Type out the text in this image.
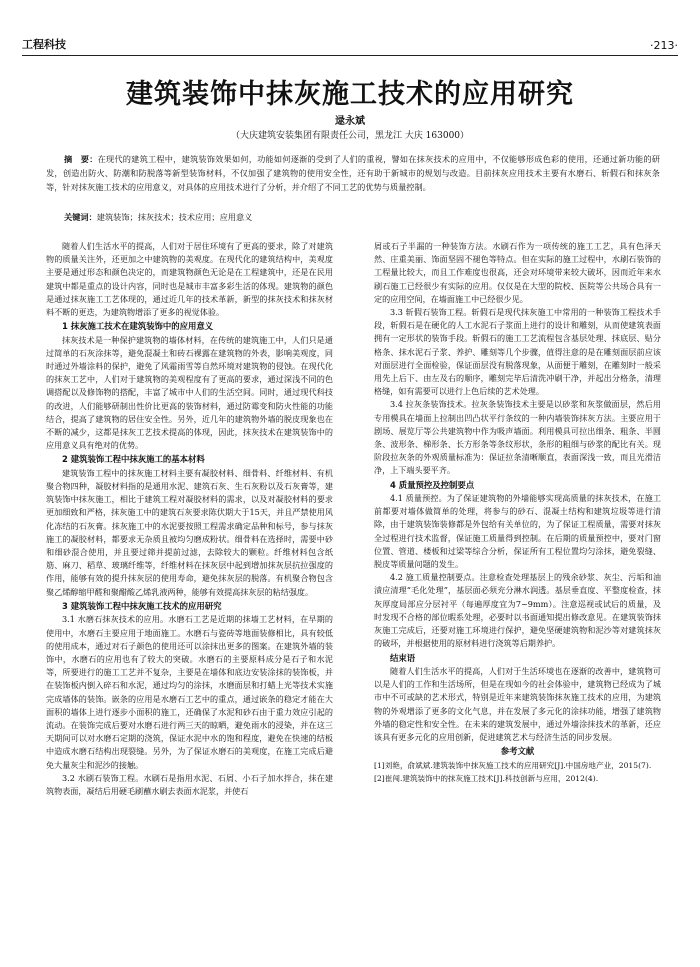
工程科技	·213·
建筑装饰中抹灰施工技术的应用研究
逯永斌
（大庆建筑安装集团有限责任公司，黑龙江 大庆 163000）
摘　要：在现代的建筑工程中，建筑装饰效果如何，功能如何逐渐的受到了人们的重视，譬如在抹灰技术的应用中，不仅能够形成色彩的使用，还通过新功能的研发，创造出防火、防潮和防脱落等新型装饰材料，不仅加强了建筑物的使用安全性，还有助于新城市的规划与改造。目前抹灰应用技术主要有水磨石、斩假石和抹灰条等，针对抹灰施工技术的应用意义，对具体的应用技术进行了分析，并介绍了不同工艺的优势与质量控制。
关键词：建筑装饰；抹灰技术；技术应用；应用意义

随着人们生活水平的提高，人们对于居住环境有了更高的要求，除了对建筑物的质量关注外，还更加之中建筑物的美观度。在现代化的建筑结构中，美观度主要是通过形态和颜色决定的，而建筑物颜色无论是在工程建筑中，还是在民用建筑中都是重点的设计内容，同时也是城市丰富多彩生活的体现。建筑物的颜色是通过抹灰施工工艺体现的，通过近几年的技术革新，新型的抹灰技术和抹灰材料不断的更迭，为建筑物增添了更多的视觉体验。

1 抹灰施工技术在建筑装饰中的应用意义

抹灰技术是一种保护建筑物的墙体材料，在传统的建筑施工中，人们只是通过简单的石灰涂抹等，避免混凝土和砖石裸露在建筑物的外表，影响美观度，同时通过外墙涂料的保护，避免了风霜雨雪等自然环境对建筑物的侵蚀。在现代化的抹灰工艺中，人们对于建筑物的美观程度有了更高的要求，通过深浅不同的色调搭配以及修饰物的搭配，丰富了城市中人们的生活空间。同时，通过现代科技的改进，人们能够研制出性价比更高的装饰材料，通过防霉变和防火性能的功能结合，提高了建筑物的居住安全性。另外，近几年的建筑物外墙的脱皮现象也在不断的减少，这都是抹灰工艺技术提高的体现，因此，抹灰技术在建筑装饰中的应用意义具有绝对的优势。

2 建筑装饰工程中抹灰施工的基本材料

建筑装饰工程中的抹灰施工材料主要有凝胶材料、细骨料、纤维材料、有机聚合物四种，凝胶材料指的是通用水泥、建筑石灰、生石灰粉以及石灰膏等，建筑装饰中抹灰施工，相比于建筑工程对凝胶材料的需求，以及对凝胶材料的要求更加细致和严格，抹灰施工中的建筑石灰要求陈伏期大于15天，并且严禁使用风化冻结的石灰膏。抹灰施工中的水泥要按照工程需求确定品种和标号，参与抹灰施工的凝胶材料，都要求无杂质且被均匀磨成粉状。细骨料在选择时，需要中砂和细砂混合使用，并且要过筛并提前过滤，去除较大的颗粒。纤维材料包含纸筋、麻刀、稻草、玻璃纤维等，纤维材料在抹灰层中起到增加抹灰层抗拉强度的作用，能够有效的提升抹灰层的使用寿命，避免抹灰层的脱落。有机聚合物包含聚乙烯醇缩甲醛和聚醋酸乙烯乳液两种，能够有效提高抹灰层的粘结强度。

3 建筑装饰工程中抹灰施工技术的应用研究

3.1 水磨石抹灰技术的应用。水磨石工艺是近期的抹墙工艺材料，在早期的使用中，水磨石主要应用于地面施工。水磨石与瓷砖等地面装修相比，具有较低的使用成本，通过对石子颜色的使用还可以涂抹出更多的图案。在建筑外墙的装饰中，水磨石的应用也有了较大的突破。水磨石的主要原料成分是石子和水泥等，所要进行的施工工艺并不复杂，主要是在墙体和底边安装涂抹的装饰板，并在装饰板内倒入碎石和水泥，通过均匀的涂抹，水磨面层和打蜡上光等技术实施完成墙体的装饰。嵌条的应用是水磨石工艺中的重点，通过嵌条的稳定才能在大面积的墙体上进行逐步小面积的施工，还确保了水泥和砂石由于重力效应引起的流动。在装饰完成后要对水磨石进行两三天的晾晒，避免雨水的浸染，并在这三天期间可以对水磨石定期的浇筑，保证水泥中水的饱和程度，避免在快速的结板中造成水磨石结构出现裂缝。另外，为了保证水磨石的美观度，在施工完成后避免大量灰尘和泥沙的接触。

3.2 水刷石装饰工程。水刷石是指用水泥、石屑、小石子加水拌合，抹在建筑物表面，凝结后用硬毛刷蘸水刷去表面水泥浆，并使石

屑或石子半漏的一种装饰方法。水刷石作为一项传统的施工工艺，具有色泽天然、庄重美丽、饰面坚固不褪色等特点。但在实际的施工过程中，水刷石装饰的工程量比较大，而且工作难度也很高，还会对环境带来较大破坏，因而近年来水刷石施工已经很少有实际的应用。仅仅是在大型的院校、医院等公共场合具有一定的应用空间，在墙面施工中已经很少见。

3.3 斩假石装饰工程。斩假石是现代抹灰施工中常用的一种装饰工程技术手段，斩假石是在硬化的人工水泥石子浆面上进行的设计和雕刻，从而使建筑表面拥有一定形状的装饰手段。斩假石的施工工艺流程包含基层处理、抹底层、贴分格条、抹水泥石子浆、养护、雕刻等几个步骤，值得注意的是在雕刻面层前应该对面层进行全面检验，保证面层没有脱落现象，从面便于雕刻，在雕刻时一般采用先上后下、由左及右的顺序，雕刻完毕后清洗冲刷干净，并起出分格条，清理格缝，如有需要可以进行上色后续的艺术处理。

3.4 拉灰条装饰技术。拉灰条装饰技术主要是以砂浆和灰浆做面层，然后用专用模具在墙面上拉制出凹凸状平行条纹的一种内墙装饰抹灰方法。主要应用于剧场、展览厅等公共建筑物中作为吸声墙面。利用模具可拉出细条、粗条、半圆条、波形条、梯形条、长方形条等条纹形状，条形的粗细与砂浆的配比有关。现阶段拉灰条的外观质量标准为：保证拉条清晰顺直，表面深浅一致，而且光滑洁净，上下端头要平齐。

4 质量预控及控制要点

4.1 质量预控。为了保证建筑物的外墙能够实现高质量的抹灰技术，在施工前都要对墙体做简单的处理，将参与的砂石、混凝土结构和建筑垃圾等进行清除，由于建筑装饰装修都是外包给有关单位的，为了保证工程质量，需要对抹灰全过程进行技术监督，保证施工质量得到控制。在后期的质量预控中，要对门窗位置、管道、楼板和过梁等综合分析，保证所有工程位置均匀涂抹，避免裂缝、脱皮等质量问题的发生。

4.2 施工质量控制要点。注意检查处理基层上的残余砂浆、灰尘、污垢和油渍应清理“毛化处理”，基层面必须充分淋水润透。基层垂直度、平整度检查，抹灰厚度局部应分层衬平（每遍厚度宜为7~9mm）。注意巡视或试后的质量，及时发现不合格的部位暇系处理，必要时以书面通知提出修改意见。在建筑装饰抹灰施工完成后，还要对施工环境进行保护，避免坚硬建筑物和泥沙等对建筑抹灰的破坏，并根据使用的原材料进行浇筑等后期养护。

结束语

随着人们生活水平的提高，人们对于生活环境也在逐渐的改善中，建筑物可以是人们的工作和生活场所，但是在现如今的社会体验中，建筑物已经成为了城市中不可或缺的艺术形式，特别是近年来建筑装饰抹灰施工技术的应用，为建筑物的外观增添了更多的文化气息，并在发展了多元化的涂抹功能，增强了建筑物外墙的稳定性和安全性。在未来的建筑发展中，通过外墙涂抹技术的革新，还应该具有更多元化的应用创新，促进建筑艺术与经济生活的同步发展。

参考文献

[1]刘艳，俞斌斌.建筑装饰中抹灰施工技术的应用研究[J].中国房地产业，2015(7).

[2]崔闯.建筑装饰中的抹灰施工技术[J].科技创新与应用，2012(4).
